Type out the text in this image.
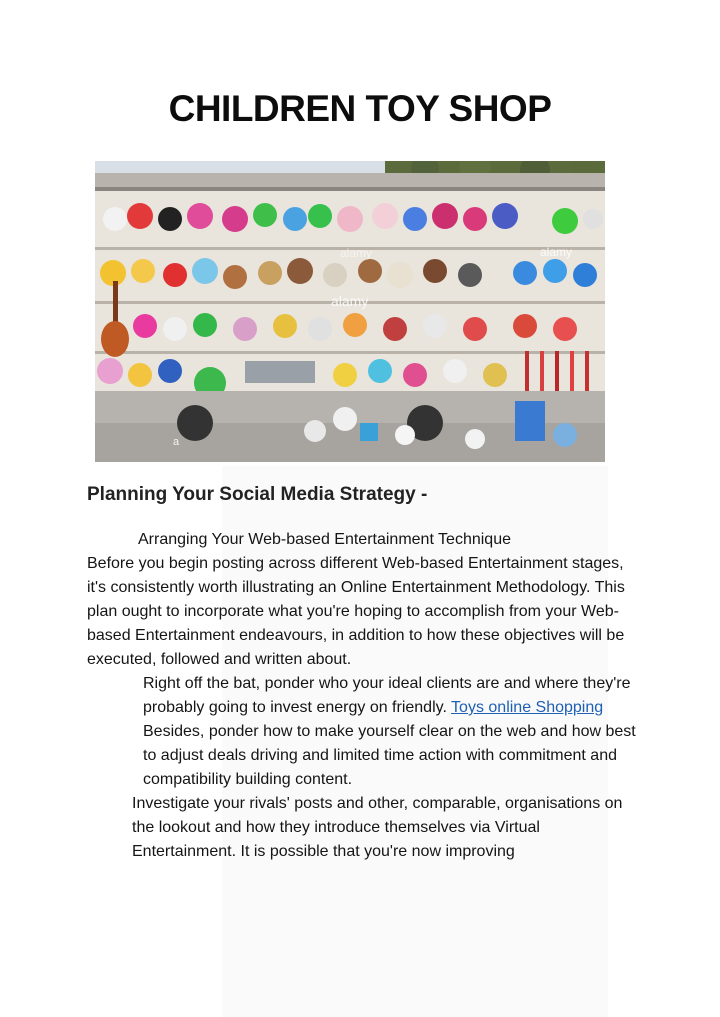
CHILDREN TOY SHOP
alamy
alamy
alamy
a
Planning Your Social Media Strategy -

Arranging Your Web-based Entertainment Technique

Before you begin posting across different Web-based Entertainment stages, it's consistently worth illustrating an Online Entertainment Methodology. This plan ought to incorporate what you're hoping to accomplish from your Web-based Entertainment endeavours, in addition to how these objectives will be executed, followed and written about.

Right off the bat, ponder who your ideal clients are and where they're probably going to invest energy on friendly. Toys online Shopping Besides, ponder how to make yourself clear on the web and how best to adjust deals driving and limited time action with commitment and compatibility building content.

Investigate your rivals' posts and other, comparable, organisations on the lookout and how they introduce themselves via Virtual Entertainment. It is possible that you're now improving
